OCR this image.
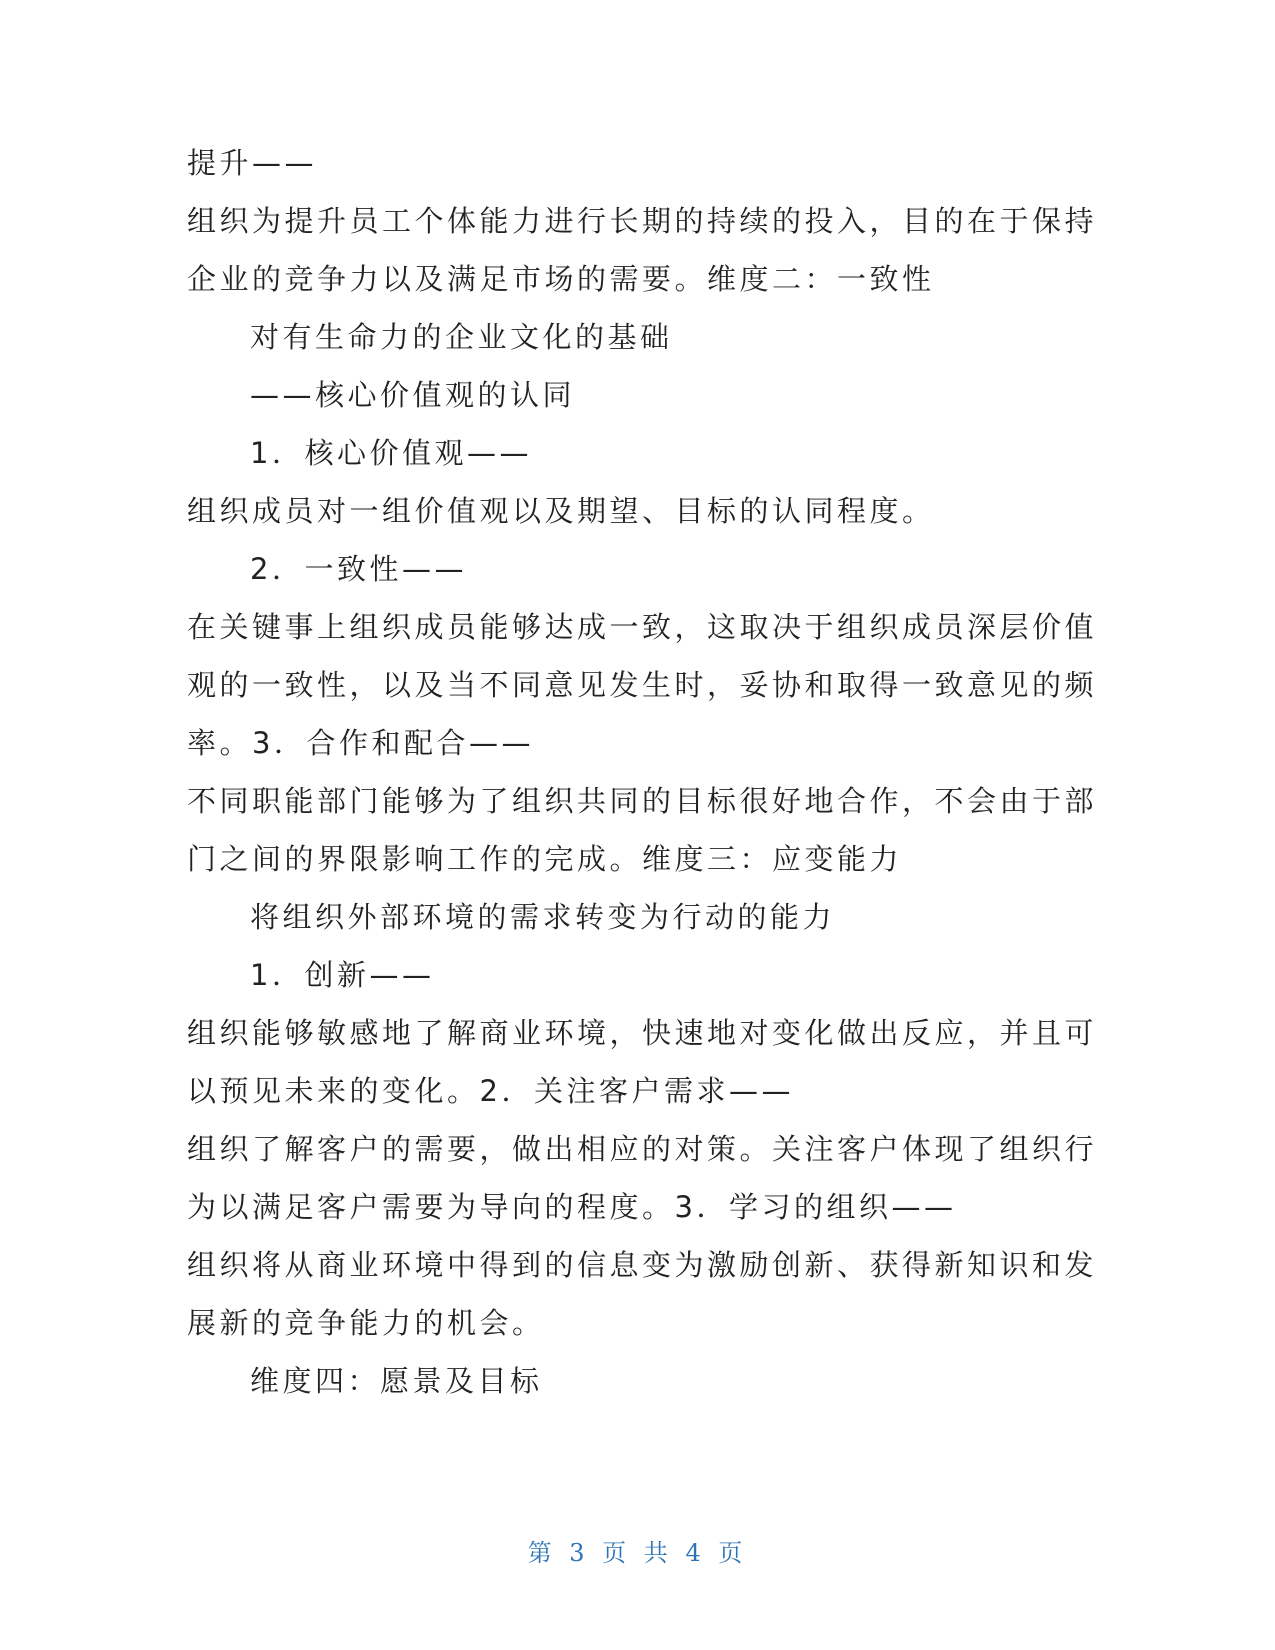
提升——
组织为提升员工个体能力进行长期的持续的投入，目的在于保持
企业的竞争力以及满足市场的需要。维度二：一致性
对有生命力的企业文化的基础
——核心价值观的认同
1．核心价值观——
组织成员对一组价值观以及期望、目标的认同程度。
2．一致性——
在关键事上组织成员能够达成一致，这取决于组织成员深层价值
观的一致性，以及当不同意见发生时，妥协和取得一致意见的频
率。3．合作和配合——
不同职能部门能够为了组织共同的目标很好地合作，不会由于部
门之间的界限影响工作的完成。维度三：应变能力
将组织外部环境的需求转变为行动的能力
1．创新——
组织能够敏感地了解商业环境，快速地对变化做出反应，并且可
以预见未来的变化。2．关注客户需求——
组织了解客户的需要，做出相应的对策。关注客户体现了组织行
为以满足客户需要为导向的程度。3．学习的组织——
组织将从商业环境中得到的信息变为激励创新、获得新知识和发
展新的竞争能力的机会。
维度四：愿景及目标
第 3 页 共 4 页
